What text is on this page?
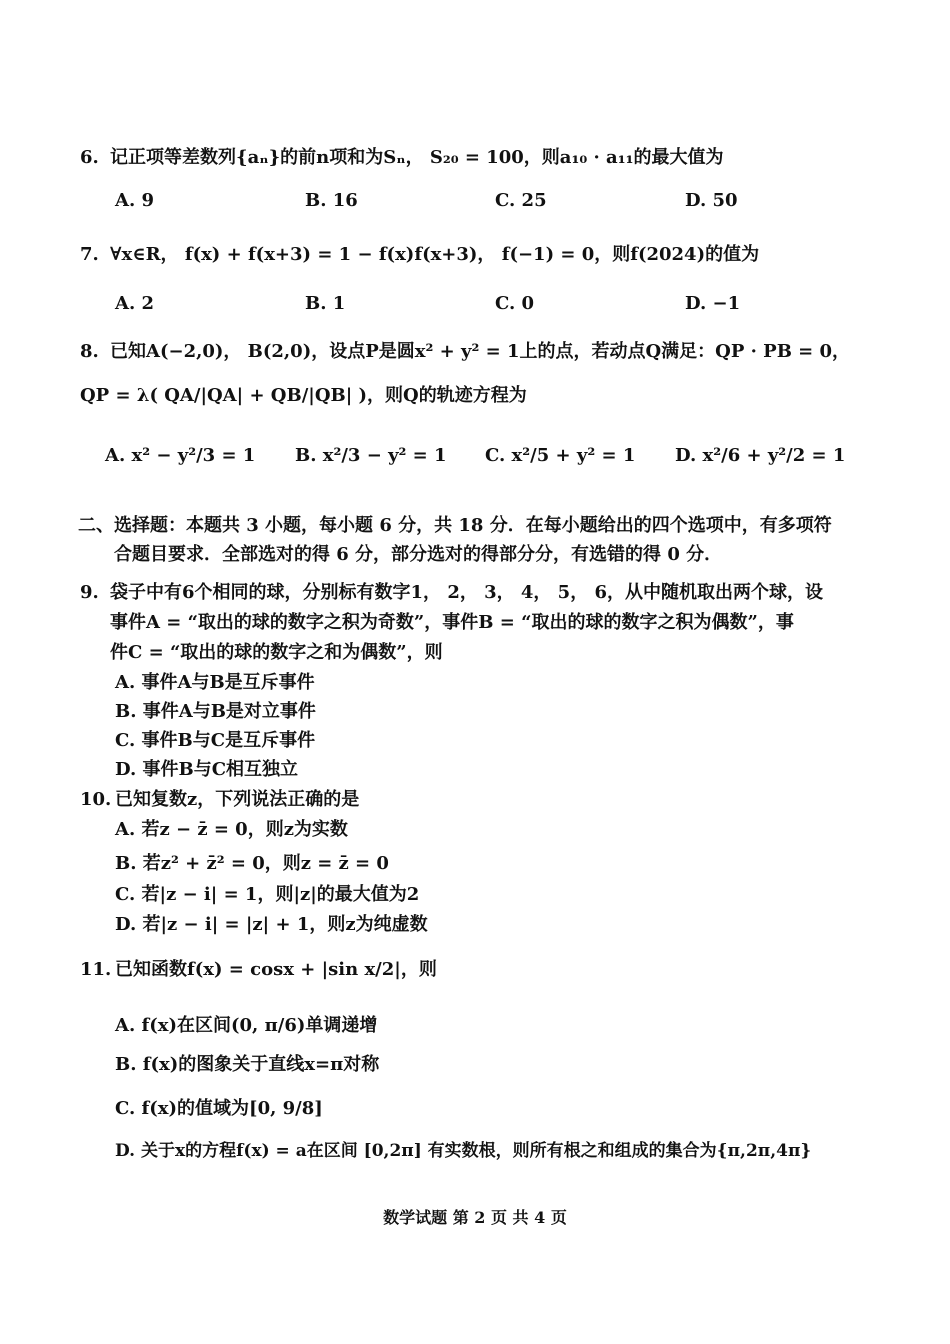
6. 记正项等差数列{aₙ}的前n项和为Sₙ， S₂₀ = 100，则a₁₀ · a₁₁的最大值为
A. 9	B. 16	C. 25	D. 50
7. ∀x∈R， f(x) + f(x+3) = 1 − f(x)f(x+3)， f(−1) = 0，则f(2024)的值为
A. 2	B. 1	C. 0	D. −1
8. 已知A(−2,0)， B(2,0)，设点P是圆x² + y² = 1上的点，若动点Q满足：QP · PB = 0，
QP = λ( QA/|QA| + QB/|QB| )，则Q的轨迹方程为
A. x² − y²/3 = 1 B. x²/3 − y² = 1 C. x²/5 + y² = 1 D. x²/6 + y²/2 = 1
二、选择题：本题共 3 小题，每小题 6 分，共 18 分．在每小题给出的四个选项中，有多项符
合题目要求．全部选对的得 6 分，部分选对的得部分分，有选错的得 0 分．
9. 袋子中有6个相同的球，分别标有数字1， 2， 3， 4， 5， 6，从中随机取出两个球，设
事件A = “取出的球的数字之积为奇数”，事件B = “取出的球的数字之积为偶数”，事
件C = “取出的球的数字之和为偶数”，则
A. 事件A与B是互斥事件
B. 事件A与B是对立事件
C. 事件B与C是互斥事件
D. 事件B与C相互独立
10. 已知复数z，下列说法正确的是
A. 若z − z̄ = 0，则z为实数
B. 若z² + z̄² = 0，则z = z̄ = 0
C. 若|z − i| = 1，则|z|的最大值为2
D. 若|z − i| = |z| + 1，则z为纯虚数
11. 已知函数f(x) = cosx + |sin x/2|，则
A. f(x)在区间(0, π/6)单调递增
B. f(x)的图象关于直线x=π对称
C. f(x)的值域为[0, 9/8]
D. 关于x的方程f(x) = a在区间 [0,2π] 有实数根，则所有根之和组成的集合为{π,2π,4π}
数学试题 第 2 页 共 4 页
